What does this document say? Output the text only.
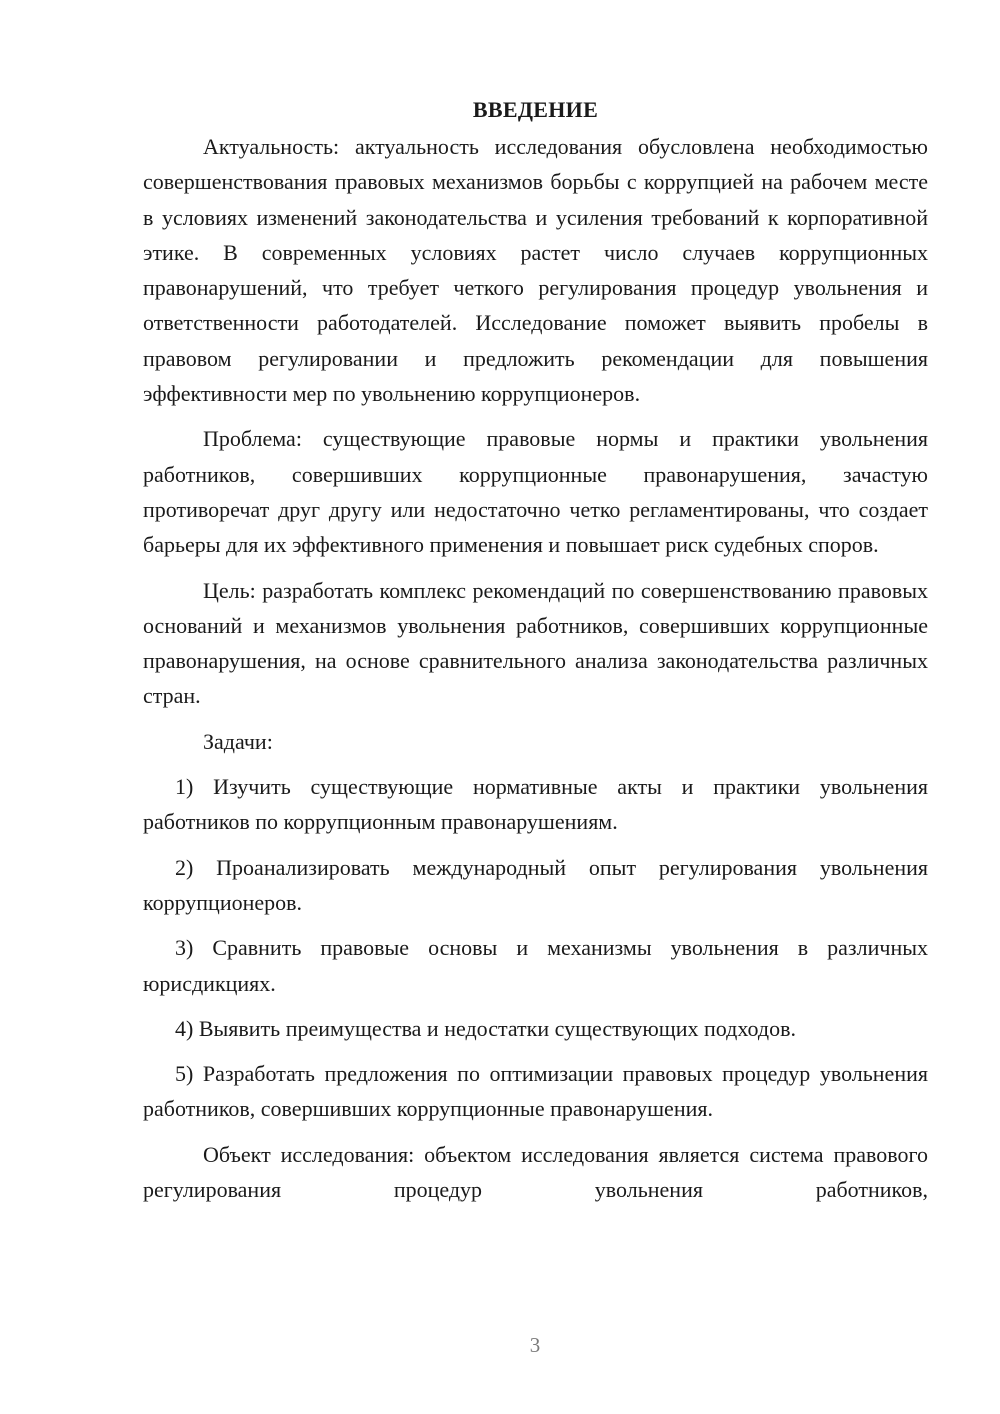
ВВЕДЕНИЕ

Актуальность: актуальность исследования обусловлена необходимостью совершенствования правовых механизмов борьбы с коррупцией на рабочем месте в условиях изменений законодательства и усиления требований к корпоративной этике. В современных условиях растет число случаев коррупционных правонарушений, что требует четкого регулирования процедур увольнения и ответственности работодателей. Исследование поможет выявить пробелы в правовом регулировании и предложить рекомендации для повышения эффективности мер по увольнению коррупционеров.

Проблема: существующие правовые нормы и практики увольнения работников, совершивших коррупционные правонарушения, зачастую противоречат друг другу или недостаточно четко регламентированы, что создает барьеры для их эффективного применения и повышает риск судебных споров.

Цель: разработать комплекс рекомендаций по совершенствованию правовых оснований и механизмов увольнения работников, совершивших коррупционные правонарушения, на основе сравнительного анализа законодательства различных стран.

Задачи:

1) Изучить существующие нормативные акты и практики увольнения работников по коррупционным правонарушениям.

2) Проанализировать международный опыт регулирования увольнения коррупционеров.

3) Сравнить правовые основы и механизмы увольнения в различных юрисдикциях.

4) Выявить преимущества и недостатки существующих подходов.

5) Разработать предложения по оптимизации правовых процедур увольнения работников, совершивших коррупционные правонарушения.

Объект исследования: объектом исследования является система правового регулирования процедур увольнения работников,

3
